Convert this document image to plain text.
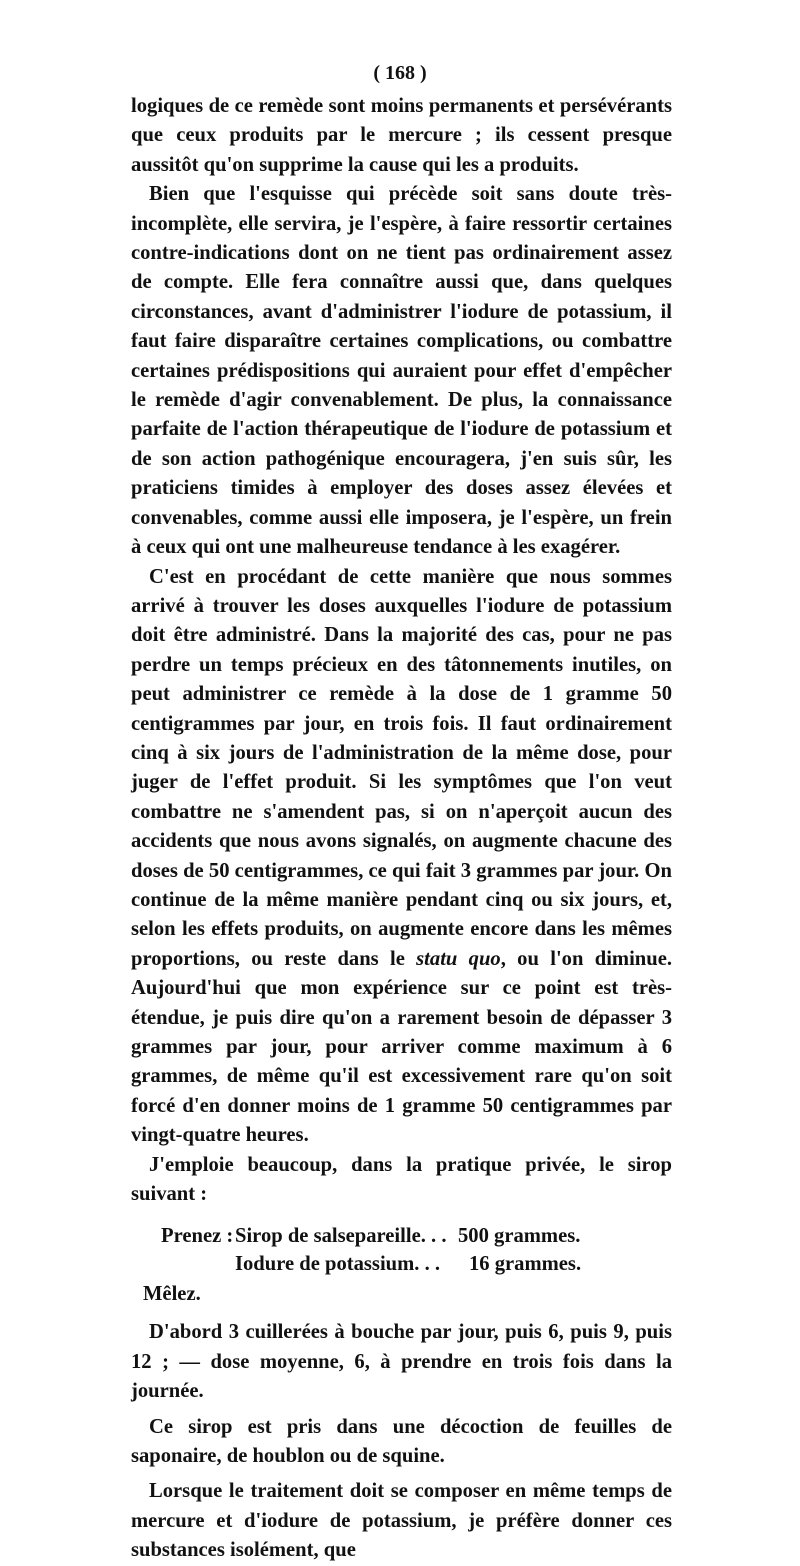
( 168 )

logiques de ce remède sont moins permanents et persévérants que ceux produits par le mercure ; ils cessent presque aussitôt qu'on supprime la cause qui les a produits.

Bien que l'esquisse qui précède soit sans doute très-incomplète, elle servira, je l'espère, à faire ressortir certaines contre-indications dont on ne tient pas ordinairement assez de compte. Elle fera connaître aussi que, dans quelques circonstances, avant d'administrer l'iodure de potassium, il faut faire disparaître certaines complications, ou combattre certaines prédispositions qui auraient pour effet d'empêcher le remède d'agir convenablement. De plus, la connaissance parfaite de l'action thérapeutique de l'iodure de potassium et de son action pathogénique encouragera, j'en suis sûr, les praticiens timides à employer des doses assez élevées et convenables, comme aussi elle imposera, je l'espère, un frein à ceux qui ont une malheureuse tendance à les exagérer.

C'est en procédant de cette manière que nous sommes arrivé à trouver les doses auxquelles l'iodure de potassium doit être administré. Dans la majorité des cas, pour ne pas perdre un temps précieux en des tâtonnements inutiles, on peut administrer ce remède à la dose de 1 gramme 50 centigrammes par jour, en trois fois. Il faut ordinairement cinq à six jours de l'administration de la même dose, pour juger de l'effet produit. Si les symptômes que l'on veut combattre ne s'amendent pas, si on n'aperçoit aucun des accidents que nous avons signalés, on augmente chacune des doses de 50 centigrammes, ce qui fait 3 grammes par jour. On continue de la même manière pendant cinq ou six jours, et, selon les effets produits, on augmente encore dans les mêmes proportions, ou reste dans le statu quo, ou l'on diminue. Aujourd'hui que mon expérience sur ce point est très-étendue, je puis dire qu'on a rarement besoin de dépasser 3 grammes par jour, pour arriver comme maximum à 6 grammes, de même qu'il est excessivement rare qu'on soit forcé d'en donner moins de 1 gramme 50 centigrammes par vingt-quatre heures.

J'emploie beaucoup, dans la pratique privée, le sirop suivant :

Prenez : Sirop de salsepareille. . . 500 grammes.
Iodure de potassium. . . 16 grammes.
Mêlez.

D'abord 3 cuillerées à bouche par jour, puis 6, puis 9, puis 12 ; — dose moyenne, 6, à prendre en trois fois dans la journée.

Ce sirop est pris dans une décoction de feuilles de saponaire, de houblon ou de squine.

Lorsque le traitement doit se composer en même temps de mercure et d'iodure de potassium, je préfère donner ces substances isolément, que
